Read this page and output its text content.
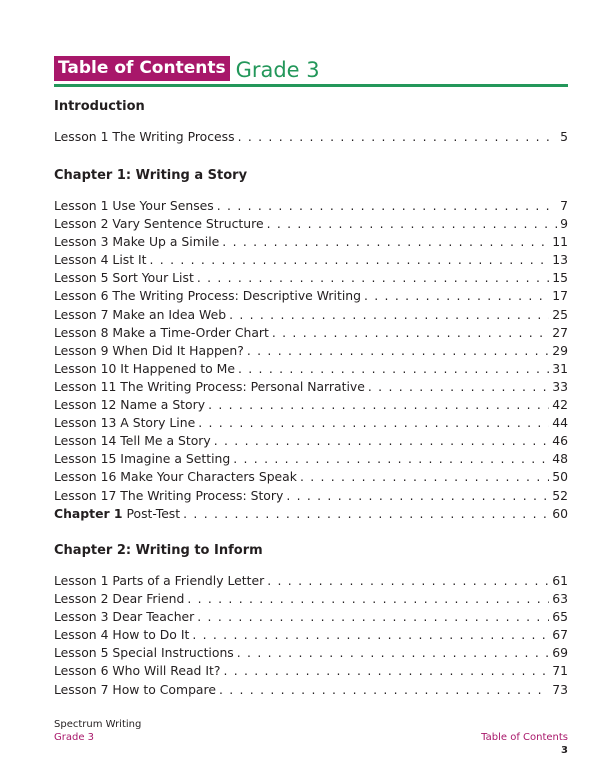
Table of Contents Grade 3
Introduction
Lesson 1 The Writing Process . . .	5
Chapter 1: Writing a Story
Lesson 1 Use Your Senses . . .	7
Lesson 2 Vary Sentence Structure . . .	9
Lesson 3 Make Up a Simile . . .	11
Lesson 4 List It . . .	13
Lesson 5 Sort Your List . . .	15
Lesson 6 The Writing Process: Descriptive Writing . . .	17
Lesson 7 Make an Idea Web . . .	25
Lesson 8 Make a Time-Order Chart . . .	27
Lesson 9 When Did It Happen? . . .	29
Lesson 10 It Happened to Me . . .	31
Lesson 11 The Writing Process: Personal Narrative . . .	33
Lesson 12 Name a Story . . .	42
Lesson 13 A Story Line . . .	44
Lesson 14 Tell Me a Story . . .	46
Lesson 15 Imagine a Setting . . .	48
Lesson 16 Make Your Characters Speak . . .	50
Lesson 17 The Writing Process: Story . . .	52
Chapter 1 Post-Test . . .	60
Chapter 2: Writing to Inform
Lesson 1 Parts of a Friendly Letter . . .	61
Lesson 2 Dear Friend . . .	63
Lesson 3 Dear Teacher . . .	65
Lesson 4 How to Do It . . .	67
Lesson 5 Special Instructions . . .	69
Lesson 6 Who Will Read It? . . .	71
Lesson 7 How to Compare . . .	73
Spectrum Writing
Grade 3	Table of Contents
3
